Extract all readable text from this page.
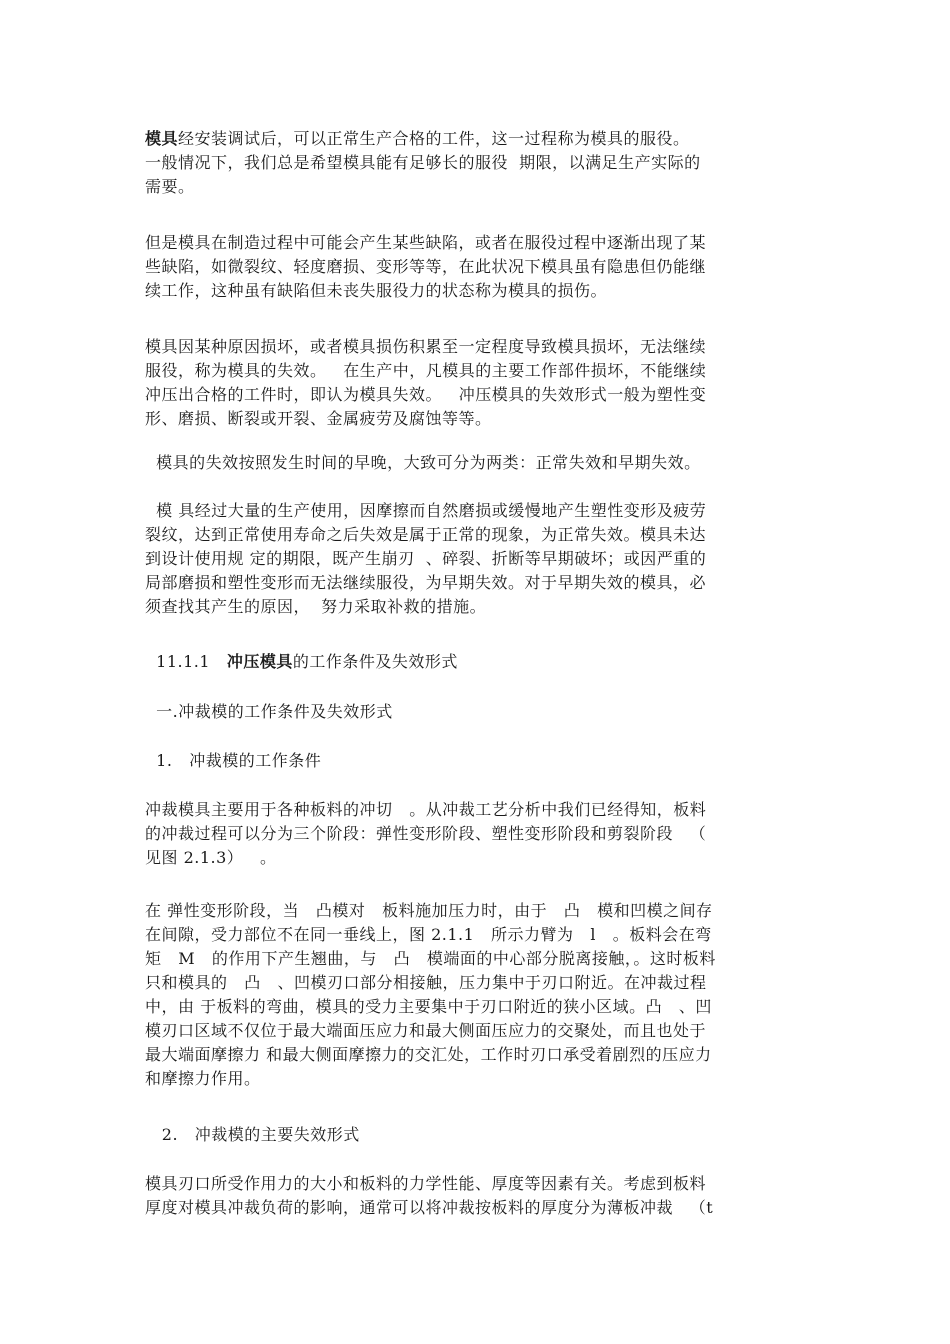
模具经安装调试后，可以正常生产合格的工件，这一过程称为模具的服役。
一般情况下，我们总是希望模具能有足够长的服役  期限，以满足生产实际的
需要。
但是模具在制造过程中可能会产生某些缺陷，或者在服役过程中逐渐出现了某
些缺陷，如微裂纹、轻度磨损、变形等等，在此状况下模具虽有隐患但仍能继
续工作，这种虽有缺陷但未丧失服役力的状态称为模具的损伤。
模具因某种原因损坏，或者模具损伤积累至一定程度导致模具损坏，无法继续
服役，称为模具的失效。   在生产中，凡模具的主要工作部件损坏，不能继续
冲压出合格的工件时，即认为模具失效。   冲压模具的失效形式一般为塑性变
形、磨损、断裂或开裂、金属疲劳及腐蚀等等。
模具的失效按照发生时间的早晚，大致可分为两类：正常失效和早期失效。
模 具经过大量的生产使用，因摩擦而自然磨损或缓慢地产生塑性变形及疲劳
裂纹，达到正常使用寿命之后失效是属于正常的现象，为正常失效。模具未达
到设计使用规 定的期限，既产生崩刃  、碎裂、折断等早期破坏；或因严重的
局部磨损和塑性变形而无法继续服役，为早期失效。对于早期失效的模具，必
须查找其产生的原因，  努力采取补救的措施。
11.1.1   冲压模具的工作条件及失效形式
一.冲裁模的工作条件及失效形式
1.   冲裁模的工作条件
冲裁模具主要用于各种板料的冲切   。从冲裁工艺分析中我们已经得知，板料
的冲裁过程可以分为三个阶段：弹性变形阶段、塑性变形阶段和剪裂阶段   （
见图 2.1.3）   。
在 弹性变形阶段，当   凸模对   板料施加压力时，由于   凸   模和凹模之间存
在间隙，受力部位不在同一垂线上，图 2.1.1   所示力臂为   l   。板料会在弯
矩   M   的作用下产生翘曲，与   凸   模端面的中心部分脱离接触，。这时板料
只和模具的   凸   、凹模刃口部分相接触，压力集中于刃口附近。在冲裁过程
中，由 于板料的弯曲，模具的受力主要集中于刃口附近的狭小区域。凸   、凹
模刃口区域不仅位于最大端面压应力和最大侧面压应力的交聚处，而且也处于
最大端面摩擦力 和最大侧面摩擦力的交汇处，工作时刃口承受着剧烈的压应力
和摩擦力作用。
2.   冲裁模的主要失效形式
模具刃口所受作用力的大小和板料的力学性能、厚度等因素有关。考虑到板料
厚度对模具冲裁负荷的影响，通常可以将冲裁按板料的厚度分为薄板冲裁   （t
